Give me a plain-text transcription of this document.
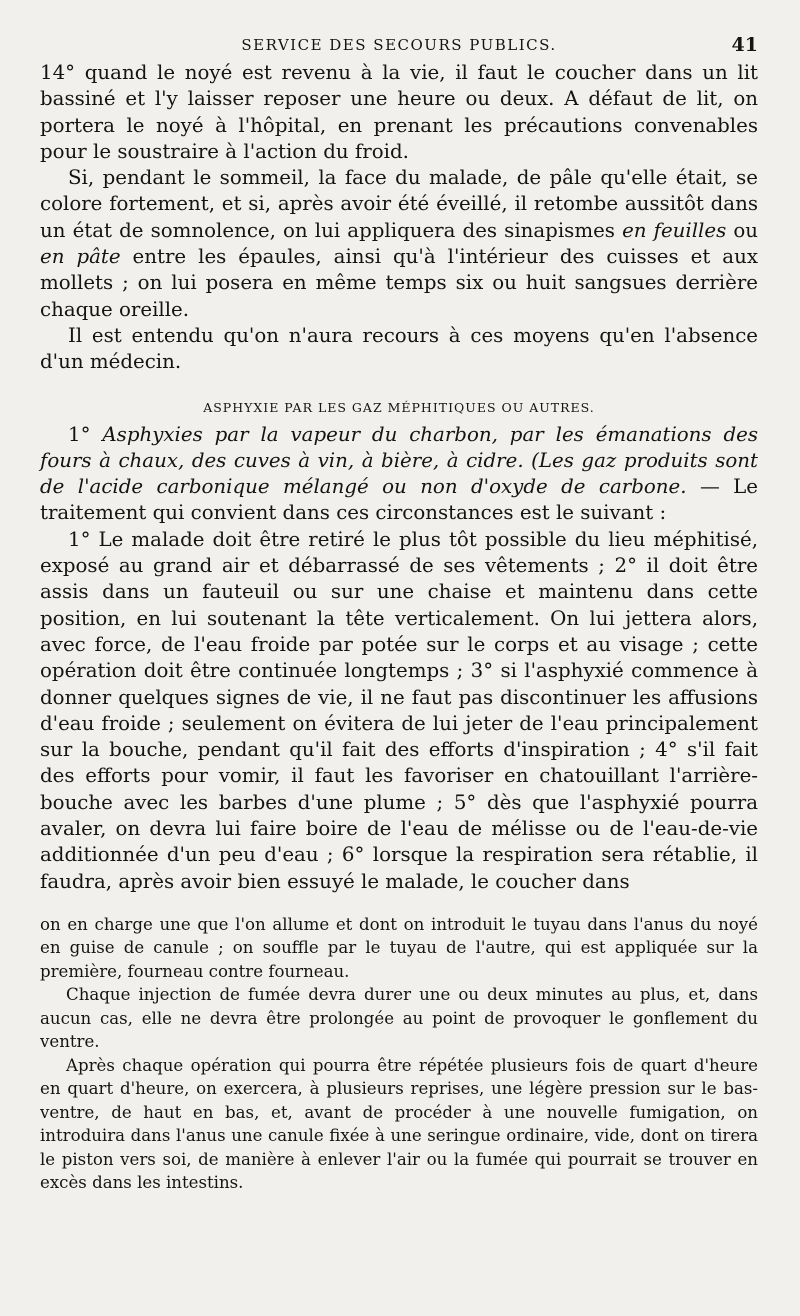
SERVICE DES SECOURS PUBLICS.	41

14° quand le noyé est revenu à la vie, il faut le coucher dans un lit bassiné et l'y laisser reposer une heure ou deux. A défaut de lit, on portera le noyé à l'hôpital, en prenant les précautions convenables pour le soustraire à l'action du froid.

Si, pendant le sommeil, la face du malade, de pâle qu'elle était, se colore fortement, et si, après avoir été éveillé, il retombe aussitôt dans un état de somnolence, on lui appliquera des sinapismes en feuilles ou en pâte entre les épaules, ainsi qu'à l'intérieur des cuisses et aux mollets ; on lui posera en même temps six ou huit sangsues derrière chaque oreille.

Il est entendu qu'on n'aura recours à ces moyens qu'en l'absence d'un médecin.

ASPHYXIE PAR LES GAZ MÉPHITIQUES OU AUTRES.

1° Asphyxies par la vapeur du charbon, par les émanations des fours à chaux, des cuves à vin, à bière, à cidre. (Les gaz produits sont de l'acide carbonique mélangé ou non d'oxyde de carbone. — Le traitement qui convient dans ces circonstances est le suivant :

1° Le malade doit être retiré le plus tôt possible du lieu méphitisé, exposé au grand air et débarrassé de ses vêtements ; 2° il doit être assis dans un fauteuil ou sur une chaise et maintenu dans cette position, en lui soutenant la tête verticalement. On lui jettera alors, avec force, de l'eau froide par potée sur le corps et au visage ; cette opération doit être continuée longtemps ; 3° si l'asphyxié commence à donner quelques signes de vie, il ne faut pas discontinuer les affusions d'eau froide ; seulement on évitera de lui jeter de l'eau principalement sur la bouche, pendant qu'il fait des efforts d'inspiration ; 4° s'il fait des efforts pour vomir, il faut les favoriser en chatouillant l'arrière-bouche avec les barbes d'une plume ; 5° dès que l'asphyxié pourra avaler, on devra lui faire boire de l'eau de mélisse ou de l'eau-de-vie additionnée d'un peu d'eau ; 6° lorsque la respiration sera rétablie, il faudra, après avoir bien essuyé le malade, le coucher dans

on en charge une que l'on allume et dont on introduit le tuyau dans l'anus du noyé en guise de canule ; on souffle par le tuyau de l'autre, qui est appliquée sur la première, fourneau contre fourneau.

Chaque injection de fumée devra durer une ou deux minutes au plus, et, dans aucun cas, elle ne devra être prolongée au point de provoquer le gonflement du ventre.

Après chaque opération qui pourra être répétée plusieurs fois de quart d'heure en quart d'heure, on exercera, à plusieurs reprises, une légère pression sur le bas-ventre, de haut en bas, et, avant de procéder à une nouvelle fumigation, on introduira dans l'anus une canule fixée à une seringue ordinaire, vide, dont on tirera le piston vers soi, de manière à enlever l'air ou la fumée qui pourrait se trouver en excès dans les intestins.
